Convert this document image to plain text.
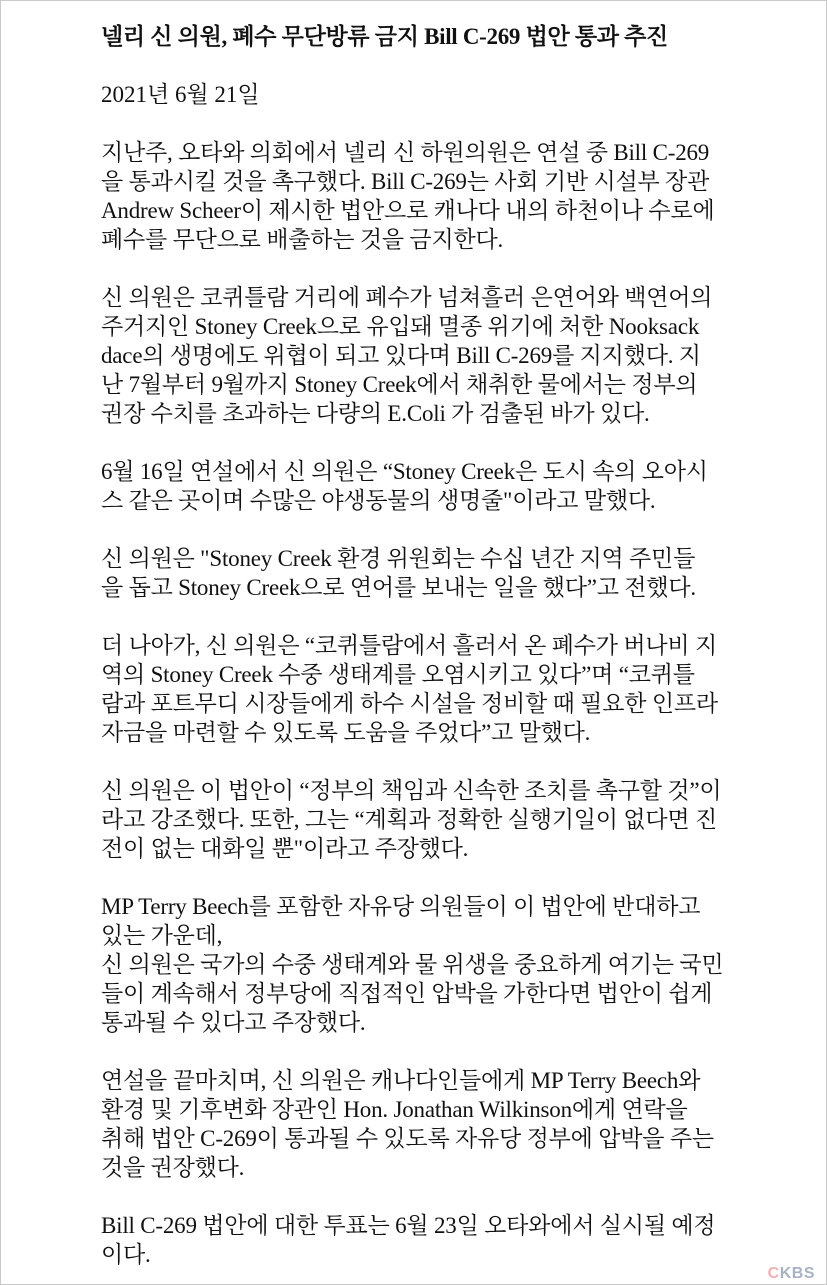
넬리 신 의원, 폐수 무단방류 금지 Bill C-269 법안 통과 추진
2021년 6월 21일
지난주, 오타와 의회에서 넬리 신 하원의원은 연설 중 Bill C-269
을 통과시킬 것을 촉구했다. Bill C-269는 사회 기반 시설부 장관
Andrew Scheer이 제시한 법안으로 캐나다 내의 하천이나 수로에
폐수를 무단으로 배출하는 것을 금지한다.
신 의원은 코퀴틀람 거리에 폐수가 넘쳐흘러 은연어와 백연어의
주거지인 Stoney Creek으로 유입돼 멸종 위기에 처한 Nooksack
dace의 생명에도 위협이 되고 있다며 Bill C-269를 지지했다. 지
난 7월부터 9월까지 Stoney Creek에서 채취한 물에서는 정부의
권장 수치를 초과하는 다량의 E.Coli 가 검출된 바가 있다.
6월 16일 연설에서 신 의원은 “Stoney Creek은 도시 속의 오아시
스 같은 곳이며 수많은 야생동물의 생명줄"이라고 말했다.
신 의원은 "Stoney Creek 환경 위원회는 수십 년간 지역 주민들
을 돕고 Stoney Creek으로 연어를 보내는 일을 했다”고 전했다.
더 나아가, 신 의원은 “코퀴틀람에서 흘러서 온 폐수가 버나비 지
역의 Stoney Creek 수중 생태계를 오염시키고 있다”며 “코퀴틀
람과 포트무디 시장들에게 하수 시설을 정비할 때 필요한 인프라
자금을 마련할 수 있도록 도움을 주었다”고 말했다.
신 의원은 이 법안이 “정부의 책임과 신속한 조치를 촉구할 것”이
라고 강조했다. 또한, 그는 “계획과 정확한 실행기일이 없다면 진
전이 없는 대화일 뿐"이라고 주장했다.
MP Terry Beech를 포함한 자유당 의원들이 이 법안에 반대하고
있는 가운데,
신 의원은 국가의 수중 생태계와 물 위생을 중요하게 여기는 국민
들이 계속해서 정부당에 직접적인 압박을 가한다면 법안이 쉽게
통과될 수 있다고 주장했다.
연설을 끝마치며, 신 의원은 캐나다인들에게 MP Terry Beech와
환경 및 기후변화 장관인 Hon. Jonathan Wilkinson에게 연락을
취해 법안 C-269이 통과될 수 있도록 자유당 정부에 압박을 주는
것을 권장했다.
Bill C-269 법안에 대한 투표는 6월 23일 오타와에서 실시될 예정
이다.
CKBS
